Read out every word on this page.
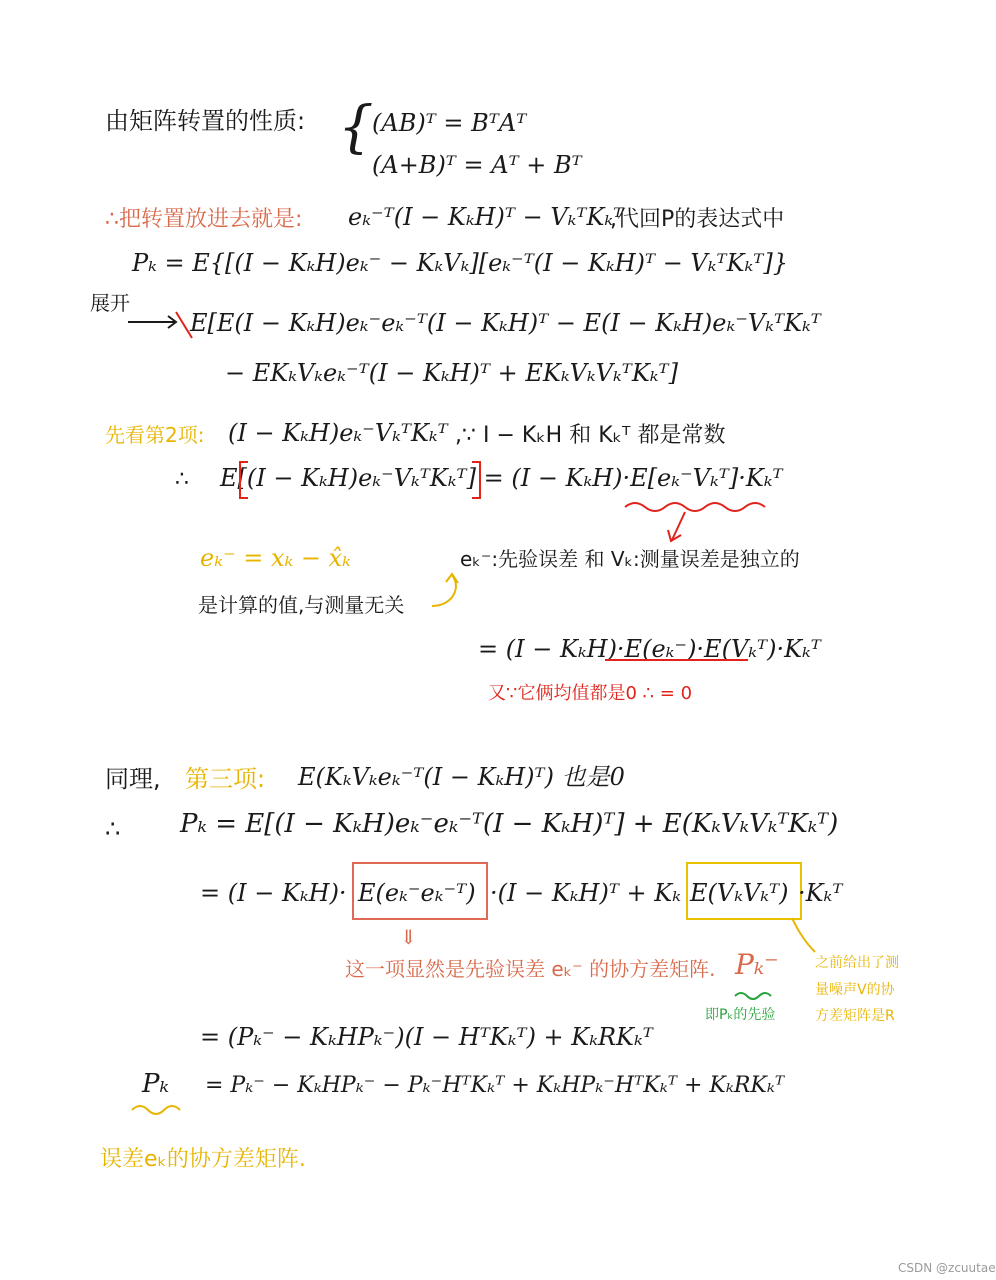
由矩阵转置的性质: {
(AB)ᵀ = BᵀAᵀ
(A+B)ᵀ = Aᵀ + Bᵀ
∴把转置放进去就是: eₖ⁻ᵀ(I − KₖH)ᵀ − VₖᵀKₖᵀ
,代回P的表达式中
Pₖ = E{[(I − KₖH)eₖ⁻ − KₖVₖ][eₖ⁻ᵀ(I − KₖH)ᵀ − VₖᵀKₖᵀ]}
展开
E[E(I − KₖH)eₖ⁻eₖ⁻ᵀ(I − KₖH)ᵀ − E(I − KₖH)eₖ⁻VₖᵀKₖᵀ
− EKₖVₖeₖ⁻ᵀ(I − KₖH)ᵀ + EKₖVₖVₖᵀKₖᵀ]
先看第2项: (I − KₖH)eₖ⁻VₖᵀKₖᵀ ,∵ I − KₖH 和 Kₖᵀ 都是常数
∴ E[(I − KₖH)eₖ⁻VₖᵀKₖᵀ] = (I − KₖH)·E[eₖ⁻Vₖᵀ]·Kₖᵀ
eₖ⁻ = xₖ − x̂ₖ
是计算的值,与测量无关
eₖ⁻:先验误差 和 Vₖ:测量误差是独立的
= (I − KₖH)·E(eₖ⁻)·E(Vₖᵀ)·Kₖᵀ
又∵它俩均值都是0 ∴ = 0
同理, 第三项: E(KₖVₖeₖ⁻ᵀ(I − KₖH)ᵀ) 也是0
∴ Pₖ = E[(I − KₖH)eₖ⁻eₖ⁻ᵀ(I − KₖH)ᵀ] + E(KₖVₖVₖᵀKₖᵀ)
= (I − KₖH)· E(eₖ⁻eₖ⁻ᵀ) ·(I − KₖH)ᵀ + Kₖ E(VₖVₖᵀ) ·Kₖᵀ
⇓
这一项显然是先验误差 eₖ⁻ 的协方差矩阵. Pₖ⁻
即Pₖ的先验
之前给出了测量噪声V的协方差矩阵是R
= (Pₖ⁻ − KₖHPₖ⁻)(I − HᵀKₖᵀ) + KₖRKₖᵀ
Pₖ = Pₖ⁻ − KₖHPₖ⁻ − Pₖ⁻HᵀKₖᵀ + KₖHPₖ⁻HᵀKₖᵀ + KₖRKₖᵀ
误差eₖ的协方差矩阵.
CSDN @zcuutae
